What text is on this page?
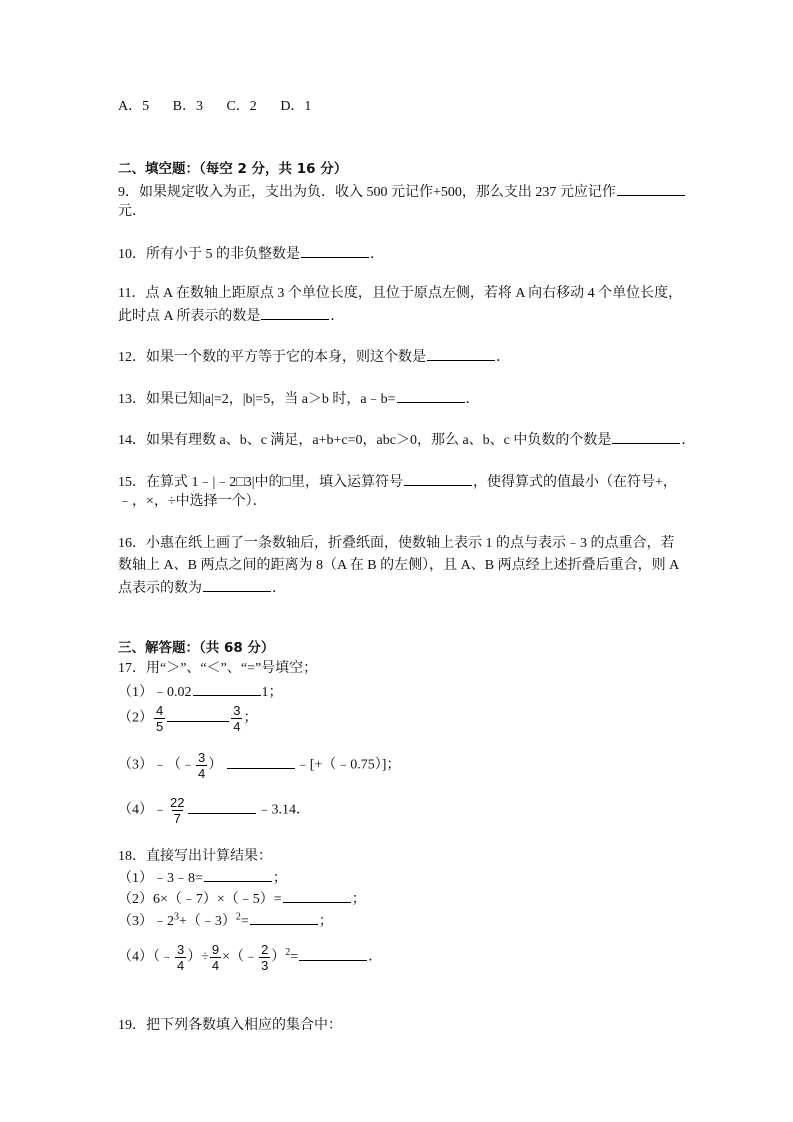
A．5 B．3 C．2 D．1
二、填空题：（每空 2 分，共 16 分）
9．如果规定收入为正，支出为负．收入 500 元记作+500，那么支出 237 元应记作
元．
10．所有小于 5 的非负整数是	．
11．点 A 在数轴上距原点 3 个单位长度，且位于原点左侧，若将 A 向右移动 4 个单位长度，
此时点 A 所表示的数是	．
12．如果一个数的平方等于它的本身，则这个数是	．
13．如果已知|a|=2，|b|=5，当 a＞b 时，a﹣b=	．
14．如果有理数 a、b、c 满足，a+b+c=0，abc＞0，那么 a、b、c 中负数的个数是	．
15．在算式 1﹣|﹣2□3|中的□里，填入运算符号	，使得算式的值最小（在符号+，
﹣，×，÷中选择一个）．
16．小惠在纸上画了一条数轴后，折叠纸面，使数轴上表示 1 的点与表示﹣3 的点重合，若
数轴上 A、B 两点之间的距离为 8（A 在 B 的左侧），且 A、B 两点经上述折叠后重合，则 A
点表示的数为	．
三、解答题：（共 68 分）
17．用“＞”、“＜”、“=”号填空；
（1）﹣0.02	1；
$(2) \frac{4}{5}$	$\frac{3}{4}$ ；
（3）﹣（﹣ $\frac{3}{4}$ ）	﹣[+（﹣0.75）]；
（4）﹣ $\frac{22}{7}$	﹣3.14．
18．直接写出计算结果：
（1）﹣3﹣8=	；
（2）6×（﹣7）×（﹣5）=	；
$(3)﹣2^3+(﹣3)^2=$	；
（4）（﹣ $\frac{3}{4}$ ）÷ $\frac{9}{4}$ ×（﹣ $\frac{2}{3} )^2=$	．
19．把下列各数填入相应的集合中：
